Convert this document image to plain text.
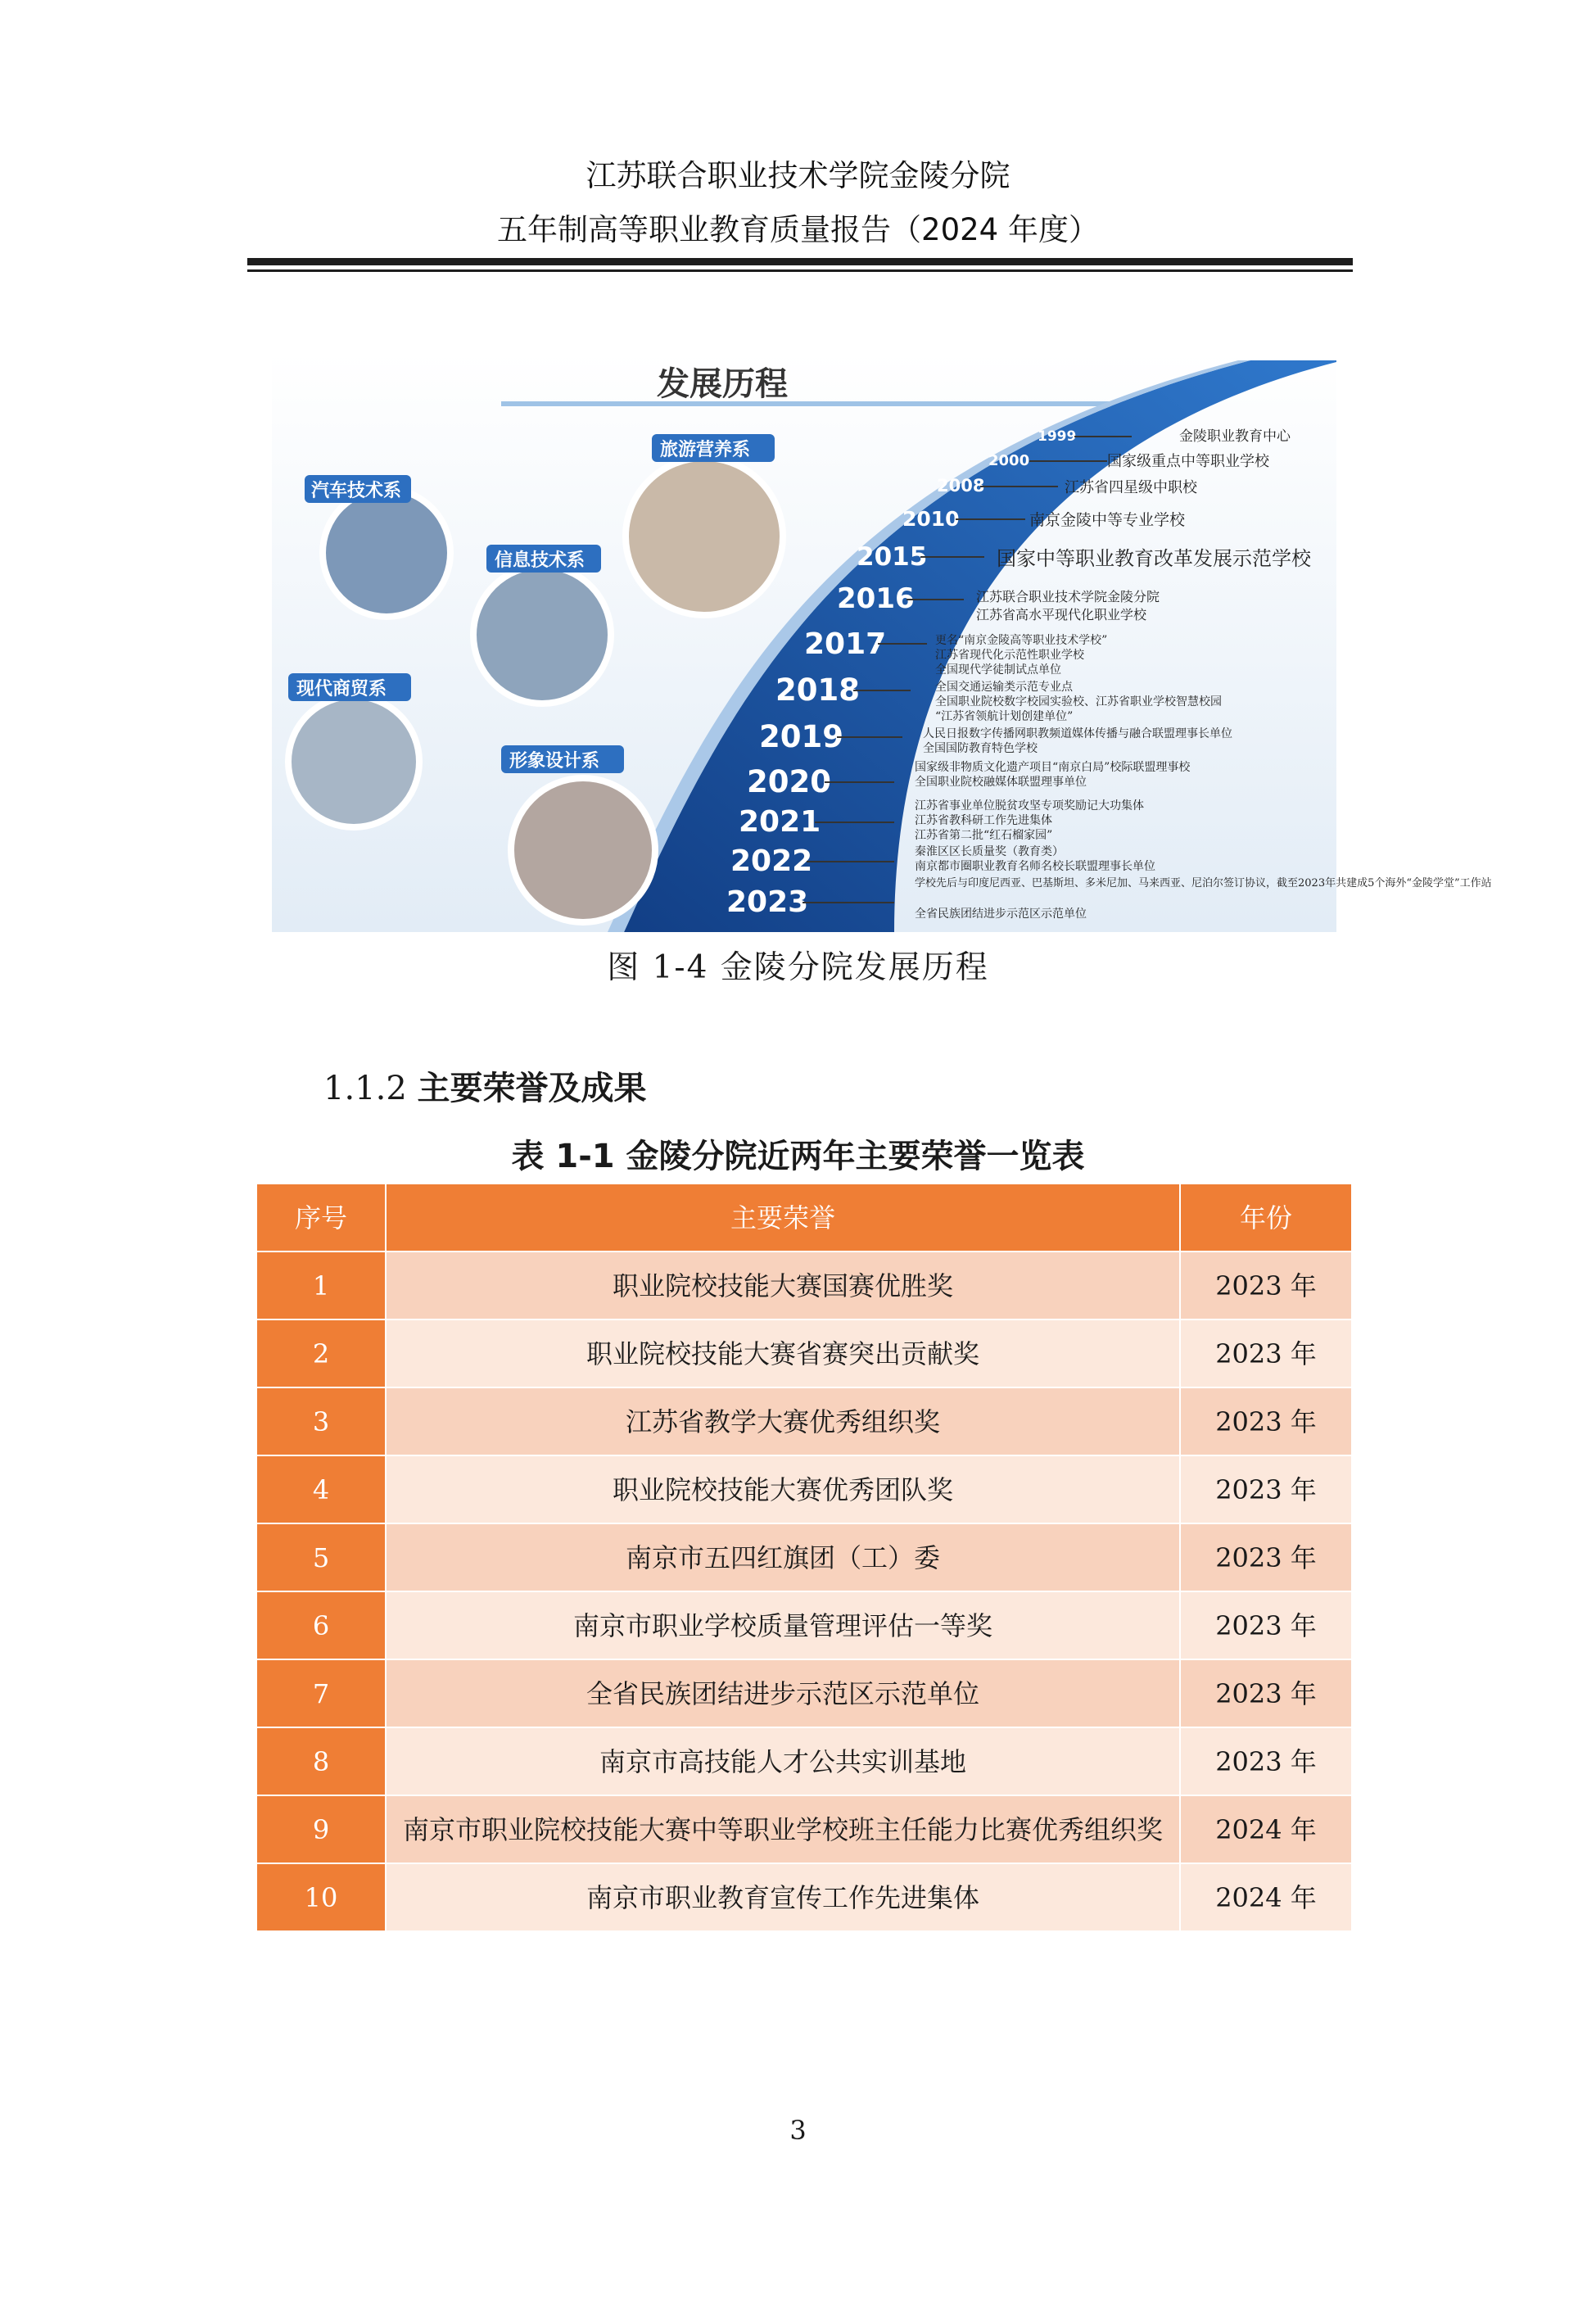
江苏联合职业技术学院金陵分院
五年制高等职业教育质量报告（2024 年度）
发展历程
汽车技术系
信息技术系
现代商贸系
旅游营养系
形象设计系
1999	金陵职业教育中心
2000	国家级重点中等职业学校
2008	江苏省四星级中职校
2010	南京金陵中等专业学校
2015	国家中等职业教育改革发展示范学校
2016	江苏联合职业技术学院金陵分院
江苏省高水平现代化职业学校
2017	更名“南京金陵高等职业技术学校”
江苏省现代化示范性职业学校
全国现代学徒制试点单位
2018	全国交通运输类示范专业点
全国职业院校数字校园实验校、江苏省职业学校智慧校园
“江苏省领航计划创建单位”
2019	人民日报数字传播网职教频道媒体传播与融合联盟理事长单位
全国国防教育特色学校
2020	国家级非物质文化遗产项目“南京白局”校际联盟理事校
全国职业院校融媒体联盟理事单位
2021	江苏省事业单位脱贫攻坚专项奖励记大功集体
江苏省教科研工作先进集体
江苏省第二批“红石榴家园”
2022	秦淮区区长质量奖（教育类）
南京都市圈职业教育名师名校长联盟理事长单位
2023
学校先后与印度尼西亚、巴基斯坦、多米尼加、马来西亚、尼泊尔签订协议，截至2023年共建成5个海外“金陵学堂”工作站
全省民族团结进步示范区示范单位
图 1-4 金陵分院发展历程
1.1.2 主要荣誉及成果
表 1-1 金陵分院近两年主要荣誉一览表
序号	主要荣誉	年份
1	职业院校技能大赛国赛优胜奖	2023 年
2	职业院校技能大赛省赛突出贡献奖	2023 年
3	江苏省教学大赛优秀组织奖	2023 年
4	职业院校技能大赛优秀团队奖	2023 年
5	南京市五四红旗团（工）委	2023 年
6	南京市职业学校质量管理评估一等奖	2023 年
7	全省民族团结进步示范区示范单位	2023 年
8	南京市高技能人才公共实训基地	2023 年
9	南京市职业院校技能大赛中等职业学校班主任能力比赛优秀组织奖	2024 年
10	南京市职业教育宣传工作先进集体	2024 年
3
